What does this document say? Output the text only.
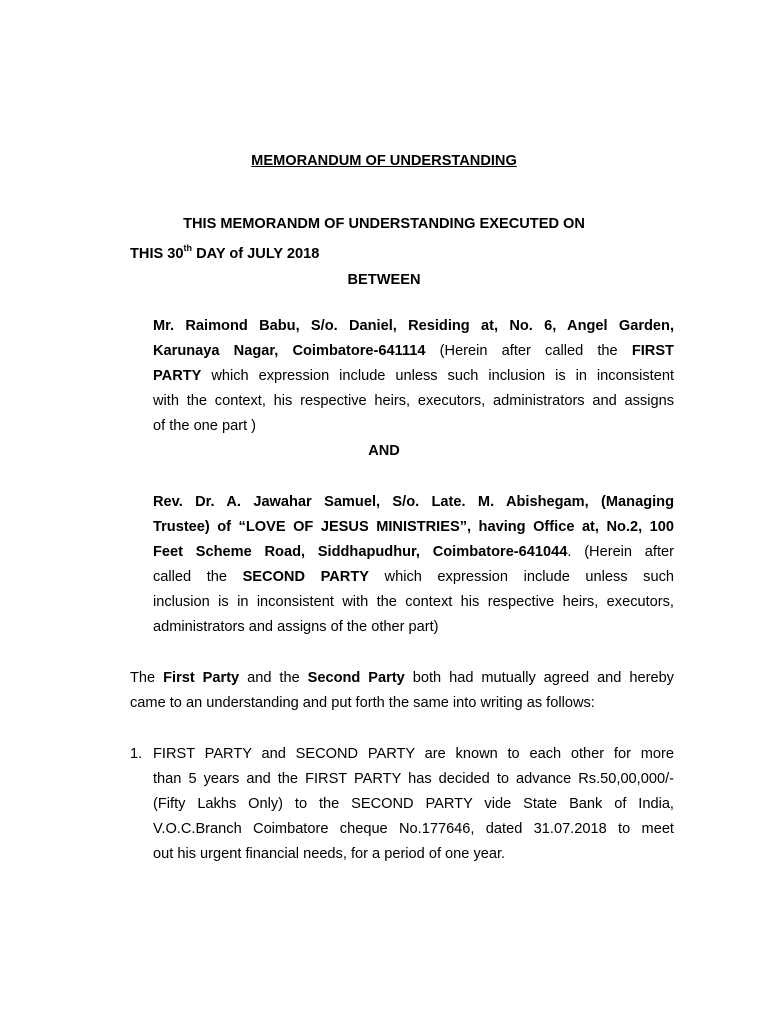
MEMORANDUM OF UNDERSTANDING
THIS MEMORANDM OF UNDERSTANDING EXECUTED ON
THIS 30th DAY of JULY 2018
BETWEEN
Mr. Raimond Babu, S/o. Daniel, Residing at, No. 6, Angel Garden,
Karunaya Nagar, Coimbatore-641114 (Herein after called the FIRST
PARTY which expression include unless such inclusion is in inconsistent
with the context, his respective heirs, executors, administrators and assigns
of the one part )
AND
Rev. Dr. A. Jawahar Samuel, S/o. Late. M. Abishegam, (Managing
Trustee) of “LOVE OF JESUS MINISTRIES”, having Office at, No.2, 100
Feet Scheme Road, Siddhapudhur, Coimbatore-641044. (Herein after
called the SECOND PARTY which expression include unless such
inclusion is in inconsistent with the context his respective heirs, executors,
administrators and assigns of the other part)
The First Party and the Second Party both had mutually agreed and hereby
came to an understanding and put forth the same into writing as follows:
1. FIRST PARTY and SECOND PARTY are known to each other for more
than 5 years and the FIRST PARTY has decided to advance Rs.50,00,000/-
(Fifty Lakhs Only) to the SECOND PARTY vide State Bank of India,
V.O.C.Branch Coimbatore cheque No.177646, dated 31.07.2018 to meet
out his urgent financial needs, for a period of one year.
